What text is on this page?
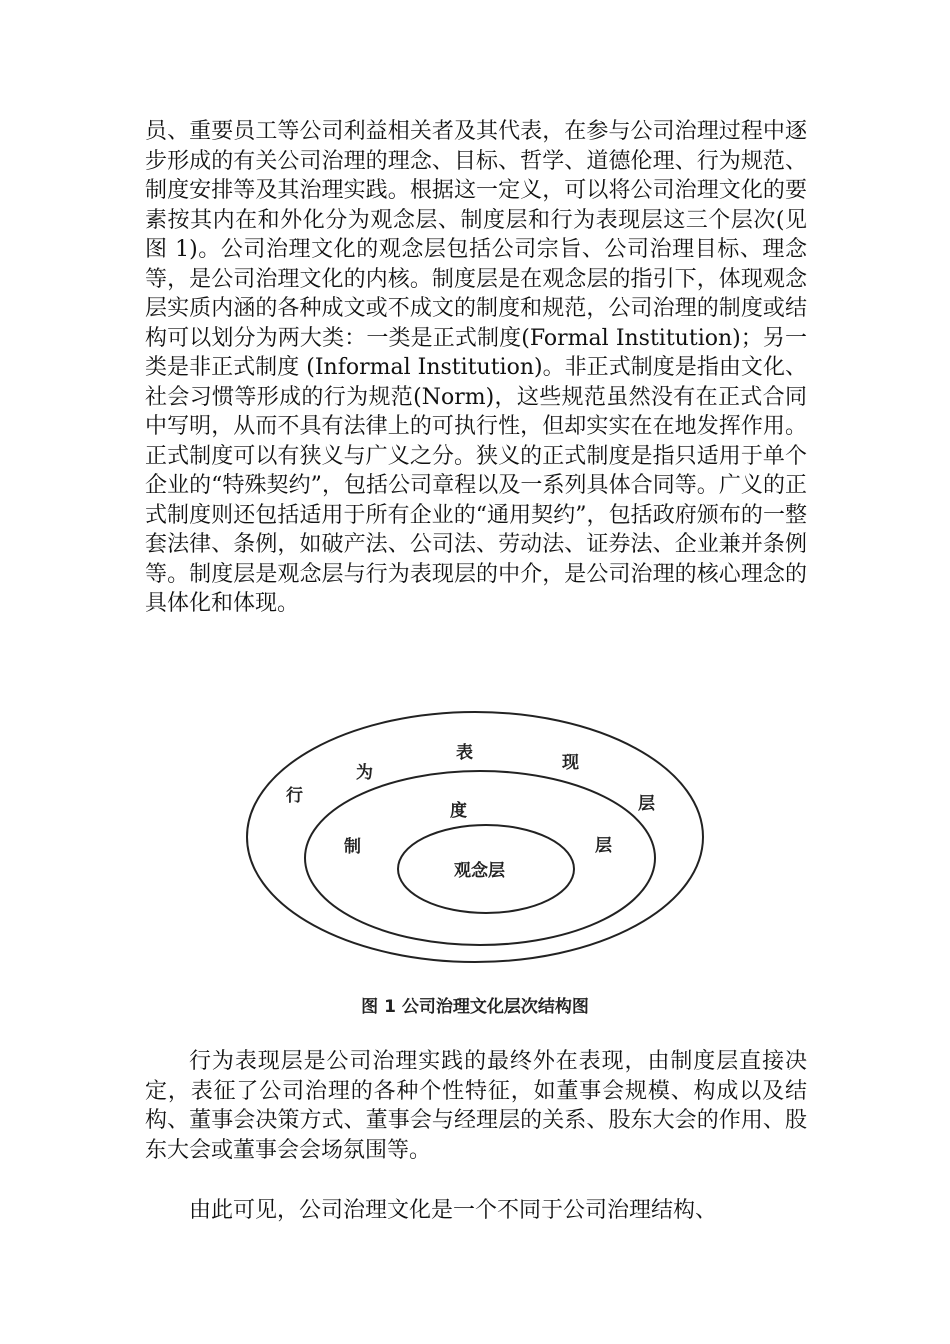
员、重要员工等公司利益相关者及其代表，在参与公司治理过程中逐步形成的有关公司治理的理念、目标、哲学、道德伦理、行为规范、制度安排等及其治理实践。根据这一定义，可以将公司治理文化的要素按其内在和外化分为观念层、制度层和行为表现层这三个层次(见图 1)。公司治理文化的观念层包括公司宗旨、公司治理目标、理念等，是公司治理文化的内核。制度层是在观念层的指引下，体现观念层实质内涵的各种成文或不成文的制度和规范，公司治理的制度或结构可以划分为两大类：一类是正式制度(Formal Institution)；另一类是非正式制度 (Informal Institution)。非正式制度是指由文化、社会习惯等形成的行为规范(Norm)，这些规范虽然没有在正式合同中写明，从而不具有法律上的可执行性，但却实实在在地发挥作用。正式制度可以有狭义与广义之分。狭义的正式制度是指只适用于单个企业的“特殊契约”，包括公司章程以及一系列具体合同等。广义的正式制度则还包括适用于所有企业的“通用契约”，包括政府颁布的一整套法律、条例，如破产法、公司法、劳动法、证券法、企业兼并条例等。制度层是观念层与行为表现层的中介，是公司治理的核心理念的具体化和体现。

行
为
表	现
层
制
度
层
观念层
图 1 公司治理文化层次结构图

行为表现层是公司治理实践的最终外在表现，由制度层直接决定，表征了公司治理的各种个性特征，如董事会规模、构成以及结构、董事会决策方式、董事会与经理层的关系、股东大会的作用、股东大会或董事会会场氛围等。

由此可见，公司治理文化是一个不同于公司治理结构、
